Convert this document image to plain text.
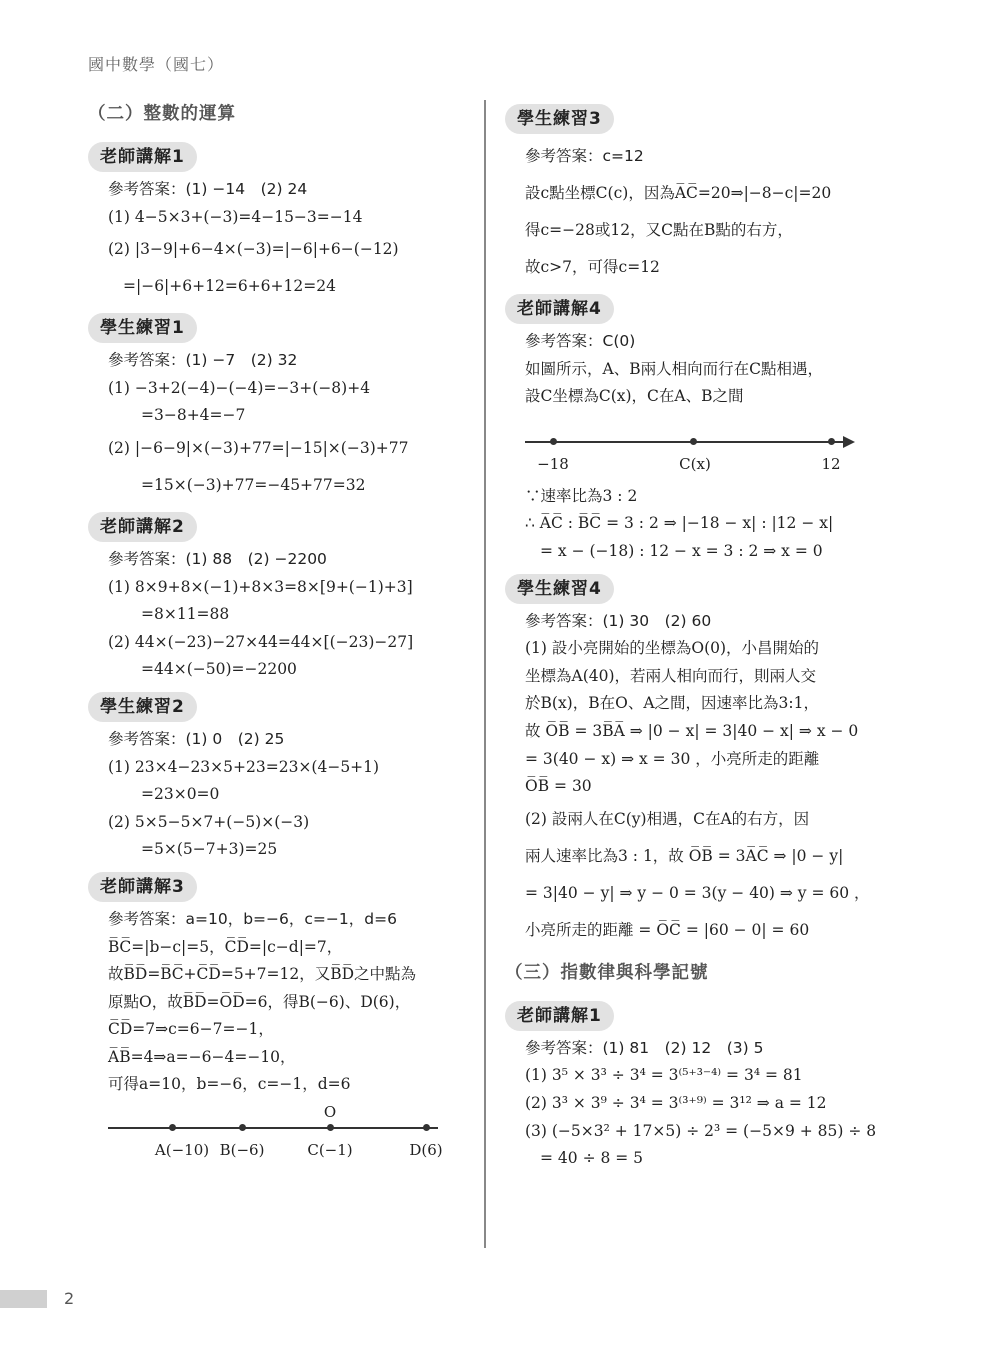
國中數學（國七）
（二）整數的運算
老師講解1
參考答案：(1) −14　(2) 24
(1) 4−5×3+(−3)=4−15−3=−14
(2) |3−9|+6−4×(−3)=|−6|+6−(−12)
=|−6|+6+12=6+6+12=24
學生練習1
參考答案：(1) −7　(2) 32
(1) −3+2(−4)−(−4)=−3+(−8)+4
=3−8+4=−7
(2) |−6−9|×(−3)+77=|−15|×(−3)+77
=15×(−3)+77=−45+77=32
老師講解2
參考答案：(1) 88　(2) −2200
(1) 8×9+8×(−1)+8×3=8×[9+(−1)+3]
=8×11=88
(2) 44×(−23)−27×44=44×[(−23)−27]
=44×(−50)=−2200
學生練習2
參考答案：(1) 0　(2) 25
(1) 23×4−23×5+23=23×(4−5+1)
=23×0=0
(2) 5×5−5×7+(−5)×(−3)
=5×(5−7+3)=25
老師講解3
參考答案：a=10，b=−6，c=−1，d=6
B̅C̅=|b−c|=5，C̅D̅=|c−d|=7，
故B̅D̅=B̅C̅+C̅D̅=5+7=12，又B̅D̅之中點為
原點O，故B̅D̅=O̅D̅=6，得B(−6)、D(6)，
C̅D̅=7⇒c=6−7=−1，
A̅B̅=4⇒a=−6−4=−10，
可得a=10，b=−6，c=−1，d=6
O
A(−10) B(−6)	C(−1)	D(6)
學生練習3
參考答案：c=12
設c點坐標C(c)，因為A̅C̅=20⇒|−8−c|=20
得c=−28或12，又C點在B點的右方，
故c>7，可得c=12
老師講解4
參考答案：C(0)
如圖所示，A、B兩人相向而行在C點相遇，
設C坐標為C(x)，C在A、B之間
−18	C(x)	12
∵速率比為3 : 2
∴ A̅C̅ : B̅C̅ = 3 : 2 ⇒ |−18 − x| : |12 − x|
= x − (−18) : 12 − x = 3 : 2 ⇒ x = 0
學生練習4
參考答案：(1) 30　(2) 60
(1) 設小亮開始的坐標為O(0)，小昌開始的
坐標為A(40)，若兩人相向而行，則兩人交
於B(x)，B在O、A之間，因速率比為3:1，
故 O̅B̅ = 3B̅A̅ ⇒ |0 − x| = 3|40 − x| ⇒ x − 0
= 3(40 − x) ⇒ x = 30 ，小亮所走的距離
O̅B̅ = 30
(2) 設兩人在C(y)相遇，C在A的右方，因
兩人速率比為3 : 1，故 O̅B̅ = 3A̅C̅ ⇒ |0 − y|
= 3|40 − y| ⇒ y − 0 = 3(y − 40) ⇒ y = 60 ，
小亮所走的距離 = O̅C̅ = |60 − 0| = 60
（三）指數律與科學記號
老師講解1
參考答案：(1) 81　(2) 12　(3) 5
(1) 3⁵ × 3³ ÷ 3⁴ = 3⁽⁵⁺³⁻⁴⁾ = 3⁴ = 81
(2) 3³ × 3⁹ ÷ 3⁴ = 3⁽³⁺⁹⁾ = 3¹² ⇒ a = 12
(3) (−5×3² + 17×5) ÷ 2³ = (−5×9 + 85) ÷ 8
= 40 ÷ 8 = 5
2
